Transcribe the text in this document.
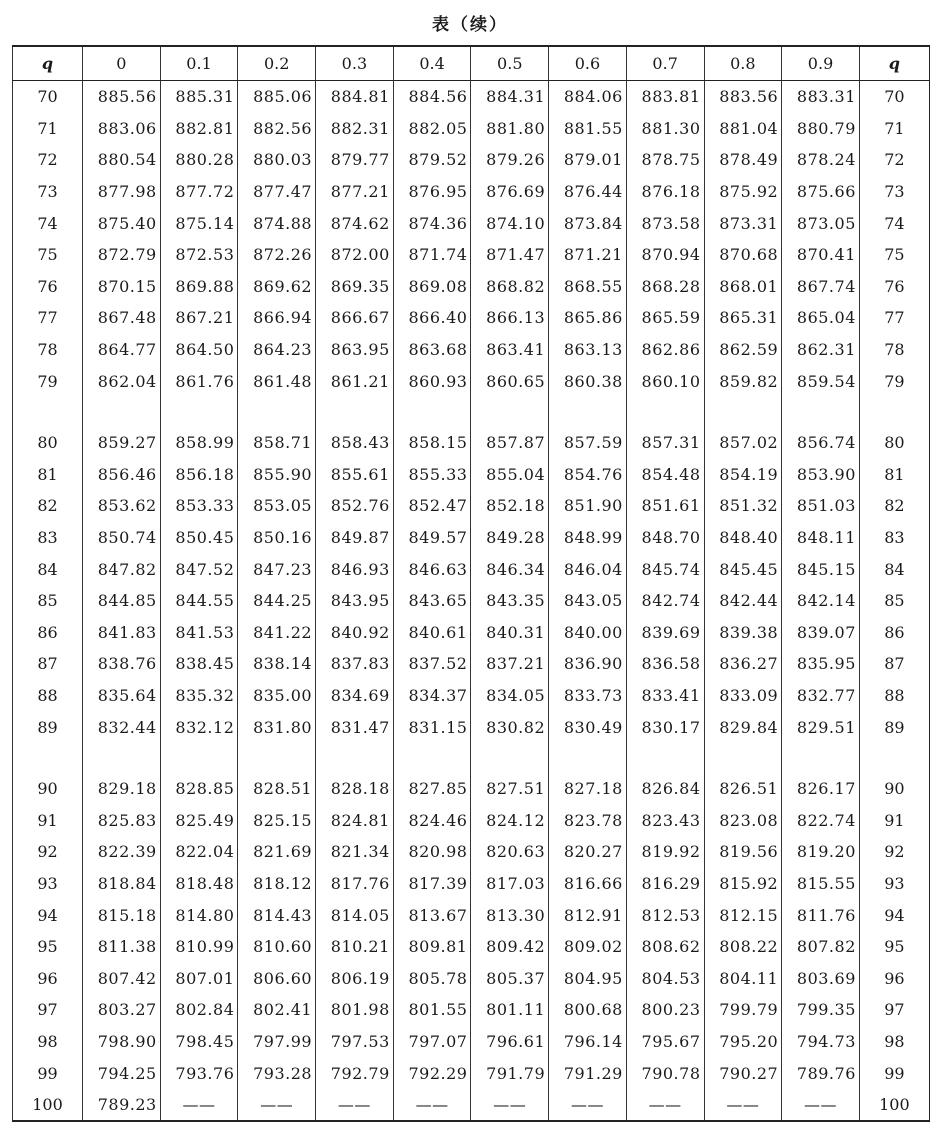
表（续）
q	0	0.1	0.2	0.3	0.4	0.5	0.6	0.7	0.8	0.9	q
70	885.56	885.31	885.06	884.81	884.56	884.31	884.06	883.81	883.56	883.31	70
71	883.06	882.81	882.56	882.31	882.05	881.80	881.55	881.30	881.04	880.79	71
72	880.54	880.28	880.03	879.77	879.52	879.26	879.01	878.75	878.49	878.24	72
73	877.98	877.72	877.47	877.21	876.95	876.69	876.44	876.18	875.92	875.66	73
74	875.40	875.14	874.88	874.62	874.36	874.10	873.84	873.58	873.31	873.05	74
75	872.79	872.53	872.26	872.00	871.74	871.47	871.21	870.94	870.68	870.41	75
76	870.15	869.88	869.62	869.35	869.08	868.82	868.55	868.28	868.01	867.74	76
77	867.48	867.21	866.94	866.67	866.40	866.13	865.86	865.59	865.31	865.04	77
78	864.77	864.50	864.23	863.95	863.68	863.41	863.13	862.86	862.59	862.31	78
79	862.04	861.76	861.48	861.21	860.93	860.65	860.38	860.10	859.82	859.54	79

80	859.27	858.99	858.71	858.43	858.15	857.87	857.59	857.31	857.02	856.74	80
81	856.46	856.18	855.90	855.61	855.33	855.04	854.76	854.48	854.19	853.90	81
82	853.62	853.33	853.05	852.76	852.47	852.18	851.90	851.61	851.32	851.03	82
83	850.74	850.45	850.16	849.87	849.57	849.28	848.99	848.70	848.40	848.11	83
84	847.82	847.52	847.23	846.93	846.63	846.34	846.04	845.74	845.45	845.15	84
85	844.85	844.55	844.25	843.95	843.65	843.35	843.05	842.74	842.44	842.14	85
86	841.83	841.53	841.22	840.92	840.61	840.31	840.00	839.69	839.38	839.07	86
87	838.76	838.45	838.14	837.83	837.52	837.21	836.90	836.58	836.27	835.95	87
88	835.64	835.32	835.00	834.69	834.37	834.05	833.73	833.41	833.09	832.77	88
89	832.44	832.12	831.80	831.47	831.15	830.82	830.49	830.17	829.84	829.51	89

90	829.18	828.85	828.51	828.18	827.85	827.51	827.18	826.84	826.51	826.17	90
91	825.83	825.49	825.15	824.81	824.46	824.12	823.78	823.43	823.08	822.74	91
92	822.39	822.04	821.69	821.34	820.98	820.63	820.27	819.92	819.56	819.20	92
93	818.84	818.48	818.12	817.76	817.39	817.03	816.66	816.29	815.92	815.55	93
94	815.18	814.80	814.43	814.05	813.67	813.30	812.91	812.53	812.15	811.76	94
95	811.38	810.99	810.60	810.21	809.81	809.42	809.02	808.62	808.22	807.82	95
96	807.42	807.01	806.60	806.19	805.78	805.37	804.95	804.53	804.11	803.69	96
97	803.27	802.84	802.41	801.98	801.55	801.11	800.68	800.23	799.79	799.35	97
98	798.90	798.45	797.99	797.53	797.07	796.61	796.14	795.67	795.20	794.73	98
99	794.25	793.76	793.28	792.79	792.29	791.79	791.29	790.78	790.27	789.76	99
100	789.23	——	——	——	——	——	——	——	——	——	100
